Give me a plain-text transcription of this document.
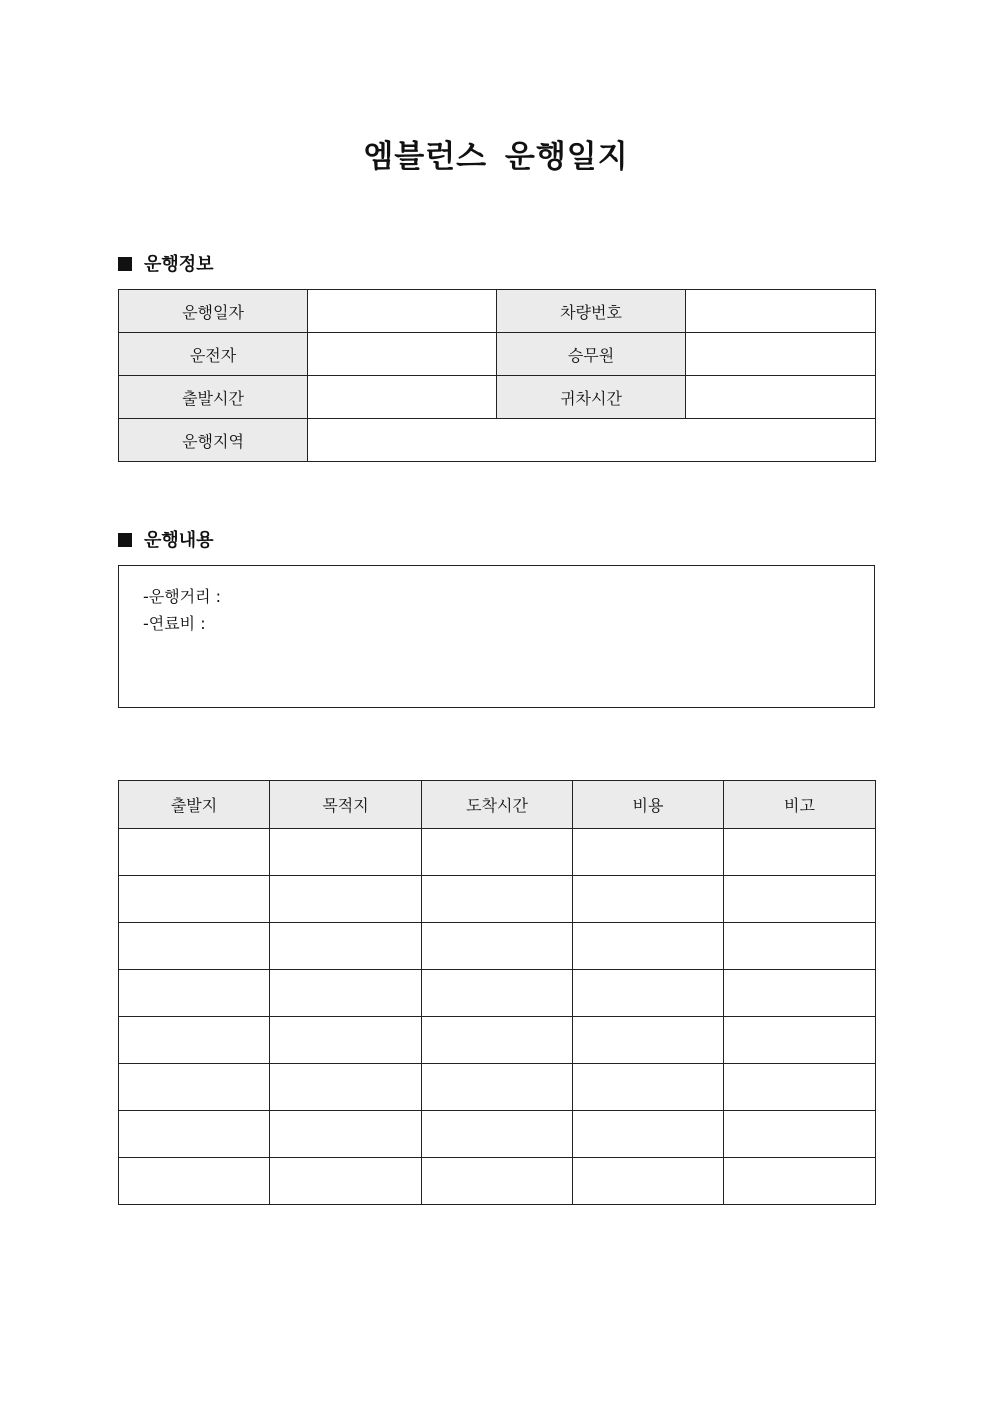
엠블런스 운행일지
운행정보
운행일자		차량번호	
운전자		승무원	
출발시간		귀차시간	
운행지역			
운행내용
-운행거리 :
-연료비 :
출발지	목적지	도착시간	비용	비고
